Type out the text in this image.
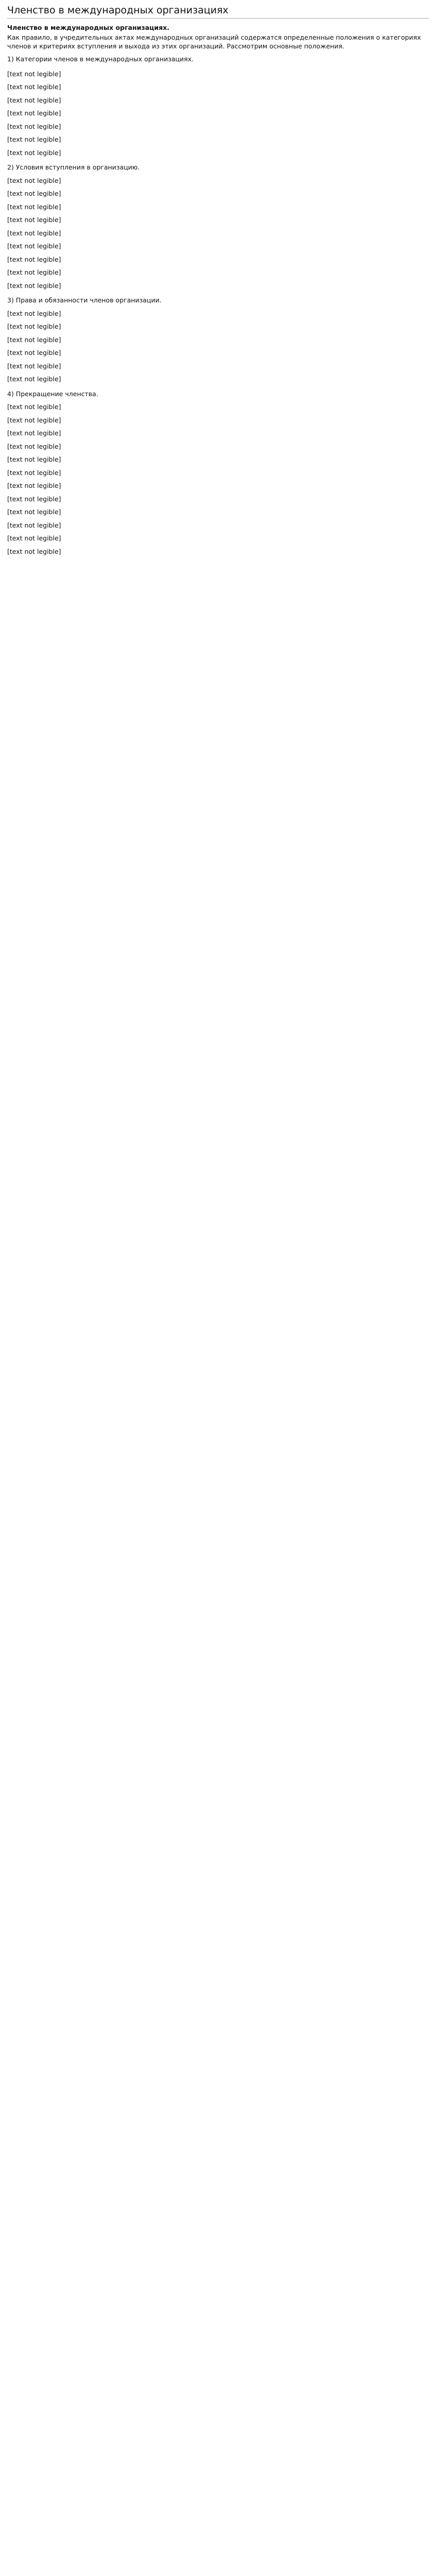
Членство в международных организациях
Членство в международных организациях.

Как правило, в учредительных актах международных организаций содержатся определенные положения о категориях членов и критериях вступления и выхода из этих организаций. Рассмотрим основные положения.

1) Категории членов в международных организациях.

[text not legible]

[text not legible]

[text not legible]

[text not legible]

[text not legible]

[text not legible]

[text not legible]

2) Условия вступления в организацию.

[text not legible]

[text not legible]

[text not legible]

[text not legible]

[text not legible]

[text not legible]

[text not legible]

[text not legible]

[text not legible]

3) Права и обязанности членов организации.

[text not legible]

[text not legible]

[text not legible]

[text not legible]

[text not legible]

[text not legible]

4) Прекращение членства.

[text not legible]

[text not legible]

[text not legible]

[text not legible]

[text not legible]

[text not legible]

[text not legible]

[text not legible]

[text not legible]

[text not legible]

[text not legible]

[text not legible]
